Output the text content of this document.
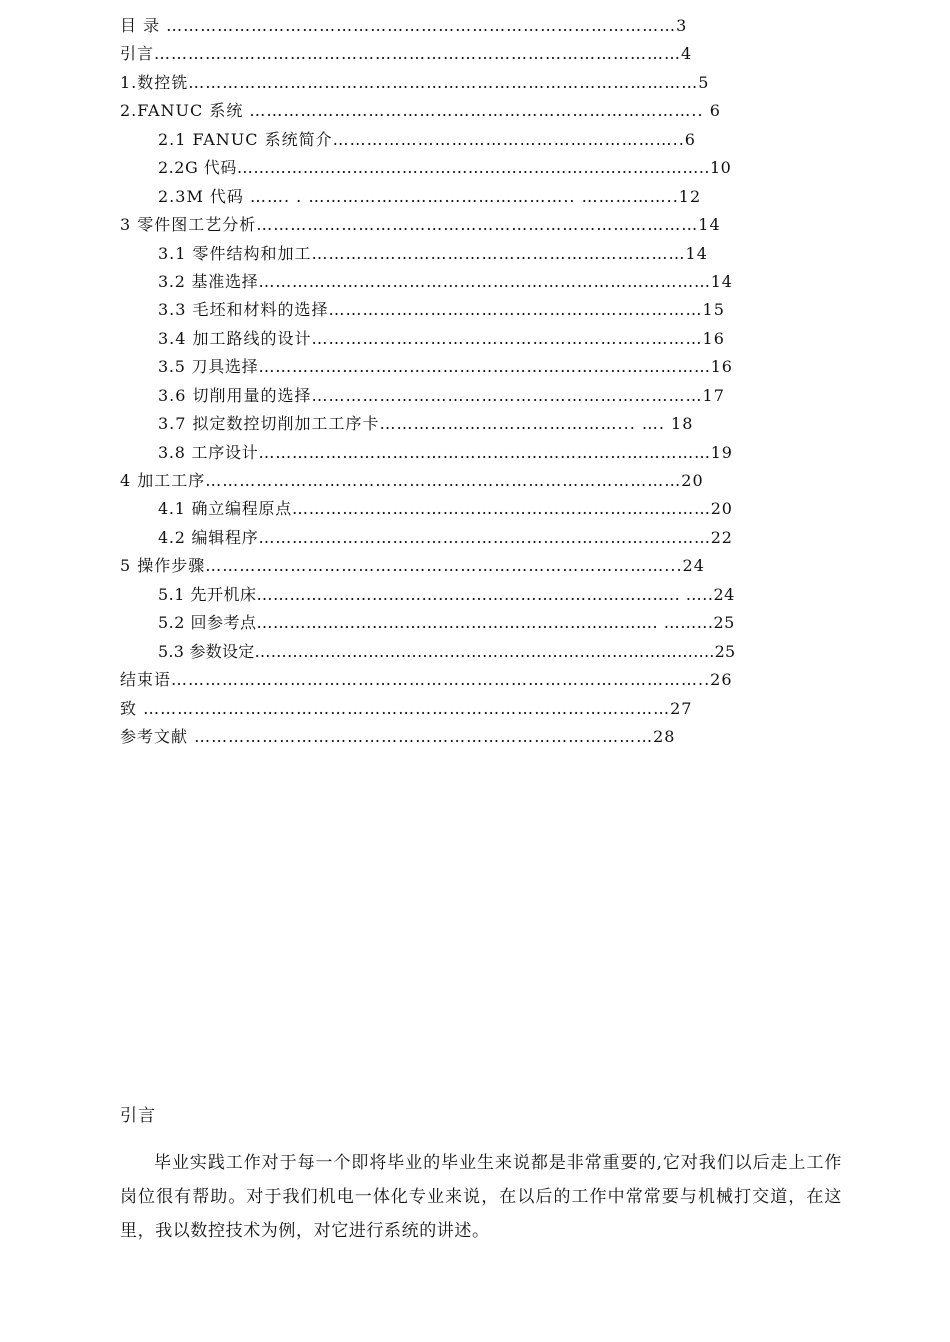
目 录 ………………………………………………………………………………3
引言…………………………………………………………………………………4
1.数控铣………………………………………………………………………………5
2.FANUC 系统 …………………………………………………………………….. 6
2.1 FANUC 系统简介……………………………………………………..6
2.2G 代码…………………………………………………………………………..10
2.3M 代码 ……. . ……………………………………….. ……………..12
3 零件图工艺分析……………………………………………………………………14
3.1 零件结构和加工…………………………………………………………14
3.2 基准选择………………………………………………………………………14
3.3 毛坯和材料的选择…………………………………………………………15
3.4 加工路线的设计……………………………………………………………16
3.5 刀具选择………………………………………………………………………16
3.6 切削用量的选择……………………………………………………………17
3.7 拟定数控切削加工工序卡……………………………………... …. 18
3.8 工序设计………………………………………………………………………19
4 加工工序…………………………………………………………………………20
4.1 确立编程原点…………………………………………………………………20
4.2 编辑程序………………………………………………………………………22
5 操作步骤………………………………………………………………………...24
5.1 先开机床………………………………………………………………….. …..24
5.2 回参考点………………………………………………………………. ……...25
5.3 参数设定………………………………………………………………………....25
结束语…………………………………………………………………………………..26
致 …………………………………………………………………………………27
参考文献 ………………………………………………………………………28

引言

毕业实践工作对于每一个即将毕业的毕业生来说都是非常重要的,它对我们以后走上工作岗位很有帮助。对于我们机电一体化专业来说，在以后的工作中常常要与机械打交道，在这里，我以数控技术为例，对它进行系统的讲述。
